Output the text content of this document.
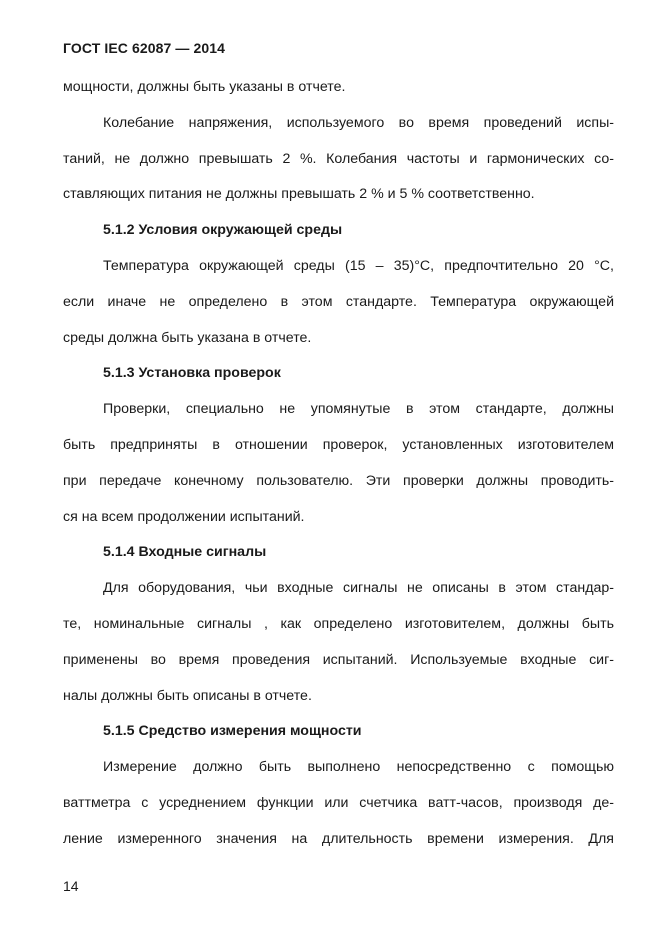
ГОСТ IEC 62087 — 2014
мощности, должны быть указаны в отчете.
Колебание напряжения, используемого во время проведений испы-
таний, не должно превышать 2 %. Колебания частоты и гармонических со-
ставляющих питания не должны превышать 2 % и 5 % соответственно.
5.1.2 Условия окружающей среды
Температура окружающей среды (15 – 35)°C, предпочтительно 20 °C,
если иначе не определено в этом стандарте. Температура окружающей
среды должна быть указана в отчете.
5.1.3 Установка проверок
Проверки, специально не упомянутые в этом стандарте, должны
быть предприняты в отношении проверок, установленных изготовителем
при передаче конечному пользователю. Эти проверки должны проводить-
ся на всем продолжении испытаний.
5.1.4 Входные сигналы
Для оборудования, чьи входные сигналы не описаны в этом стандар-
те, номинальные сигналы , как определено изготовителем, должны быть
применены во время проведения испытаний. Используемые входные сиг-
налы должны быть описаны в отчете.
5.1.5 Средство измерения мощности
Измерение должно быть выполнено непосредственно с помощью
ваттметра с усреднением функции или счетчика ватт-часов, производя де-
ление измеренного значения на длительность времени измерения. Для
14
